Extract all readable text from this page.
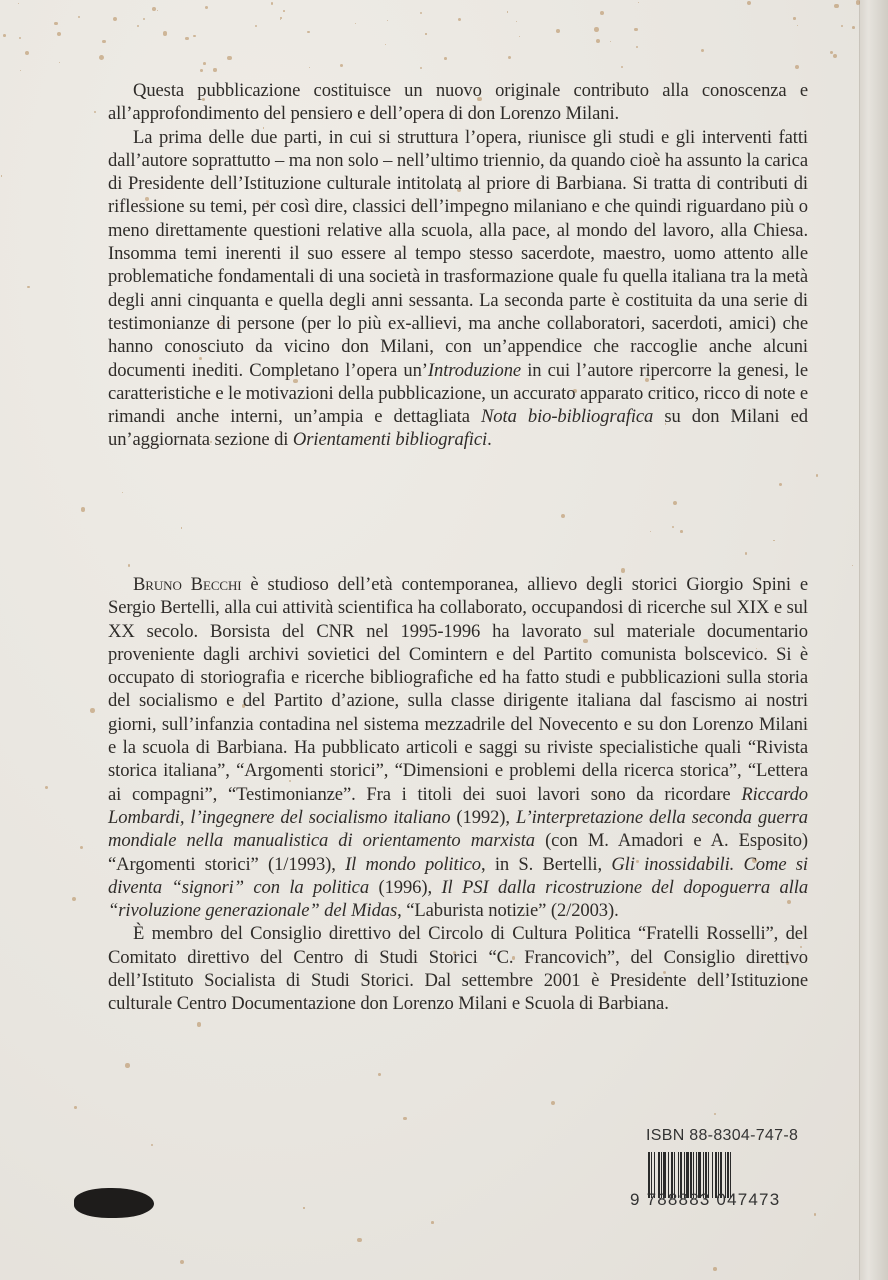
Questa pubblicazione costituisce un nuovo originale contributo alla conoscenza e all’approfondimento del pensiero e dell’opera di don Lorenzo Milani.

La prima delle due parti, in cui si struttura l’opera, riunisce gli studi e gli interventi fatti dall’autore soprattutto – ma non solo – nell’ultimo triennio, da quando cioè ha assunto la carica di Presidente dell’Istituzione culturale intitolata al priore di Barbiana. Si tratta di contributi di riflessione su temi, per così dire, classici dell’impegno milaniano e che quindi riguardano più o meno direttamente questioni relative alla scuola, alla pace, al mondo del lavoro, alla Chiesa. Insomma temi inerenti il suo essere al tempo stesso sacerdote, maestro, uomo attento alle problematiche fondamentali di una società in trasformazione quale fu quella italiana tra la metà degli anni cinquanta e quella degli anni sessanta. La seconda parte è costituita da una serie di testimonianze di persone (per lo più ex-allievi, ma anche collaboratori, sacerdoti, amici) che hanno conosciuto da vicino don Milani, con un’appendice che raccoglie anche alcuni documenti inediti. Completano l’opera un’Introduzione in cui l’autore ripercorre la genesi, le caratteristiche e le motivazioni della pubblicazione, un accurato apparato critico, ricco di note e rimandi anche interni, un’ampia e dettagliata Nota bio-bibliografica su don Milani ed un’aggiornata sezione di Orientamenti bibliografici.

Bruno Becchi è studioso dell’età contemporanea, allievo degli storici Giorgio Spini e Sergio Bertelli, alla cui attività scientifica ha collaborato, occupandosi di ricerche sul XIX e sul XX secolo. Borsista del CNR nel 1995-1996 ha lavorato sul materiale documentario proveniente dagli archivi sovietici del Comintern e del Partito comunista bolscevico. Si è occupato di storiografia e ricerche bibliografiche ed ha fatto studi e pubblicazioni sulla storia del socialismo e del Partito d’azione, sulla classe dirigente italiana dal fascismo ai nostri giorni, sull’infanzia contadina nel sistema mezzadrile del Novecento e su don Lorenzo Milani e la scuola di Barbiana. Ha pubblicato articoli e saggi su riviste specialistiche quali “Rivista storica italiana”, “Argomenti storici”, “Dimensioni e problemi della ricerca storica”, “Lettera ai compagni”, “Testimonianze”. Fra i titoli dei suoi lavori sono da ricordare Riccardo Lombardi, l’ingegnere del socialismo italiano (1992), L’interpretazione della seconda guerra mondiale nella manualistica di orientamento marxista (con M. Amadori e A. Esposito) “Argomenti storici” (1/1993), Il mondo politico, in S. Bertelli, Gli inossidabili. Come si diventa “signori” con la politica (1996), Il PSI dalla ricostruzione del dopoguerra alla “rivoluzione generazionale” del Midas, “Laburista notizie” (2/2003).

È membro del Consiglio direttivo del Circolo di Cultura Politica “Fratelli Rosselli”, del Comitato direttivo del Centro di Studi Storici “C. Francovich”, del Consiglio direttivo dell’Istituto Socialista di Studi Storici. Dal settembre 2001 è Presidente dell’Istituzione culturale Centro Documentazione don Lorenzo Milani e Scuola di Barbiana.

ISBN 88-8304-747-8
9 788883 047473
